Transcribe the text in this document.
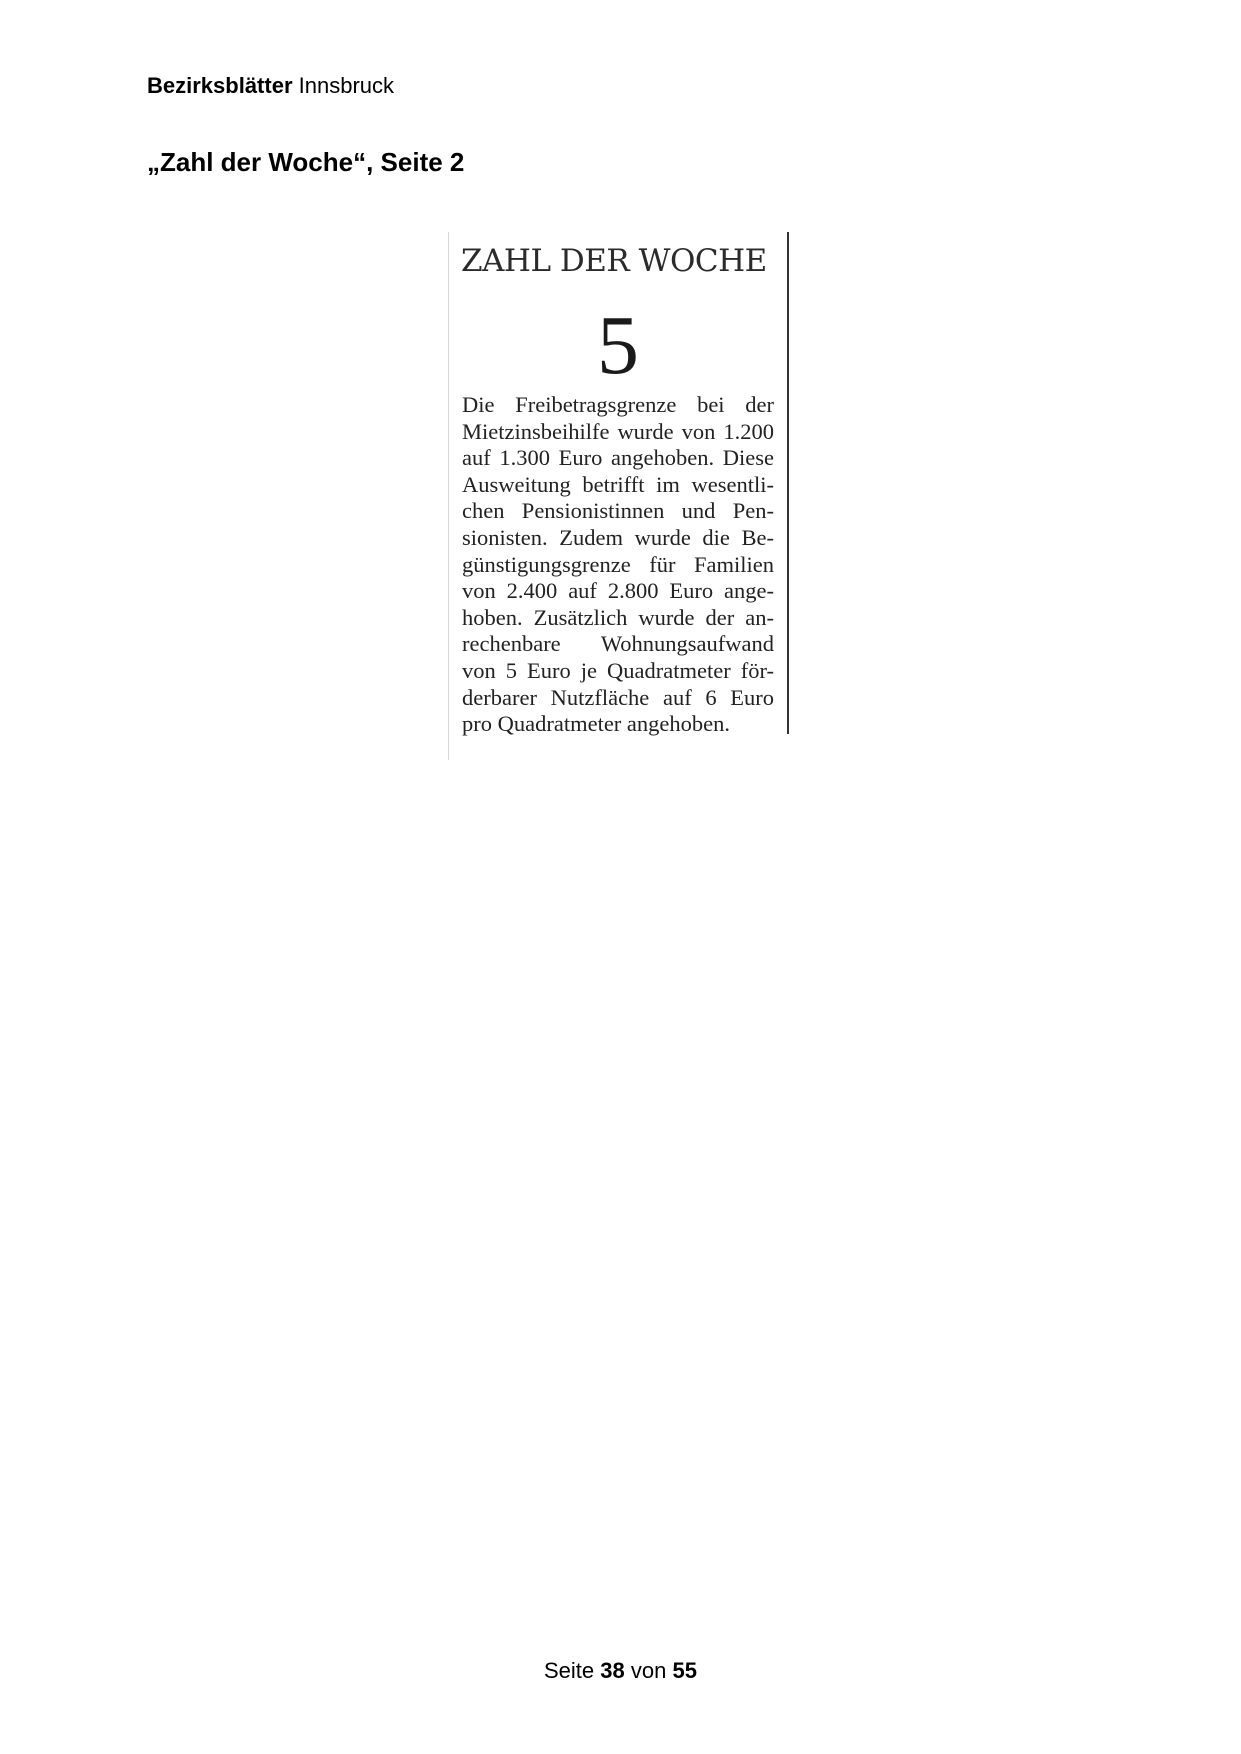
Bezirksblätter Innsbruck
„Zahl der Woche“, Seite 2
ZAHL DER WOCHE
5
Die Freibetragsgrenze bei der
Mietzinsbeihilfe wurde von 1.200
auf 1.300 Euro angehoben. Diese
Ausweitung betrifft im wesentli-
chen Pensionistinnen und Pen-
sionisten. Zudem wurde die Be-
günstigungsgrenze für Familien
von 2.400 auf 2.800 Euro ange-
hoben. Zusätzlich wurde der an-
rechenbare Wohnungsaufwand
von 5 Euro je Quadratmeter för-
derbarer Nutzfläche auf 6 Euro
pro Quadratmeter angehoben.
Seite 38 von 55
